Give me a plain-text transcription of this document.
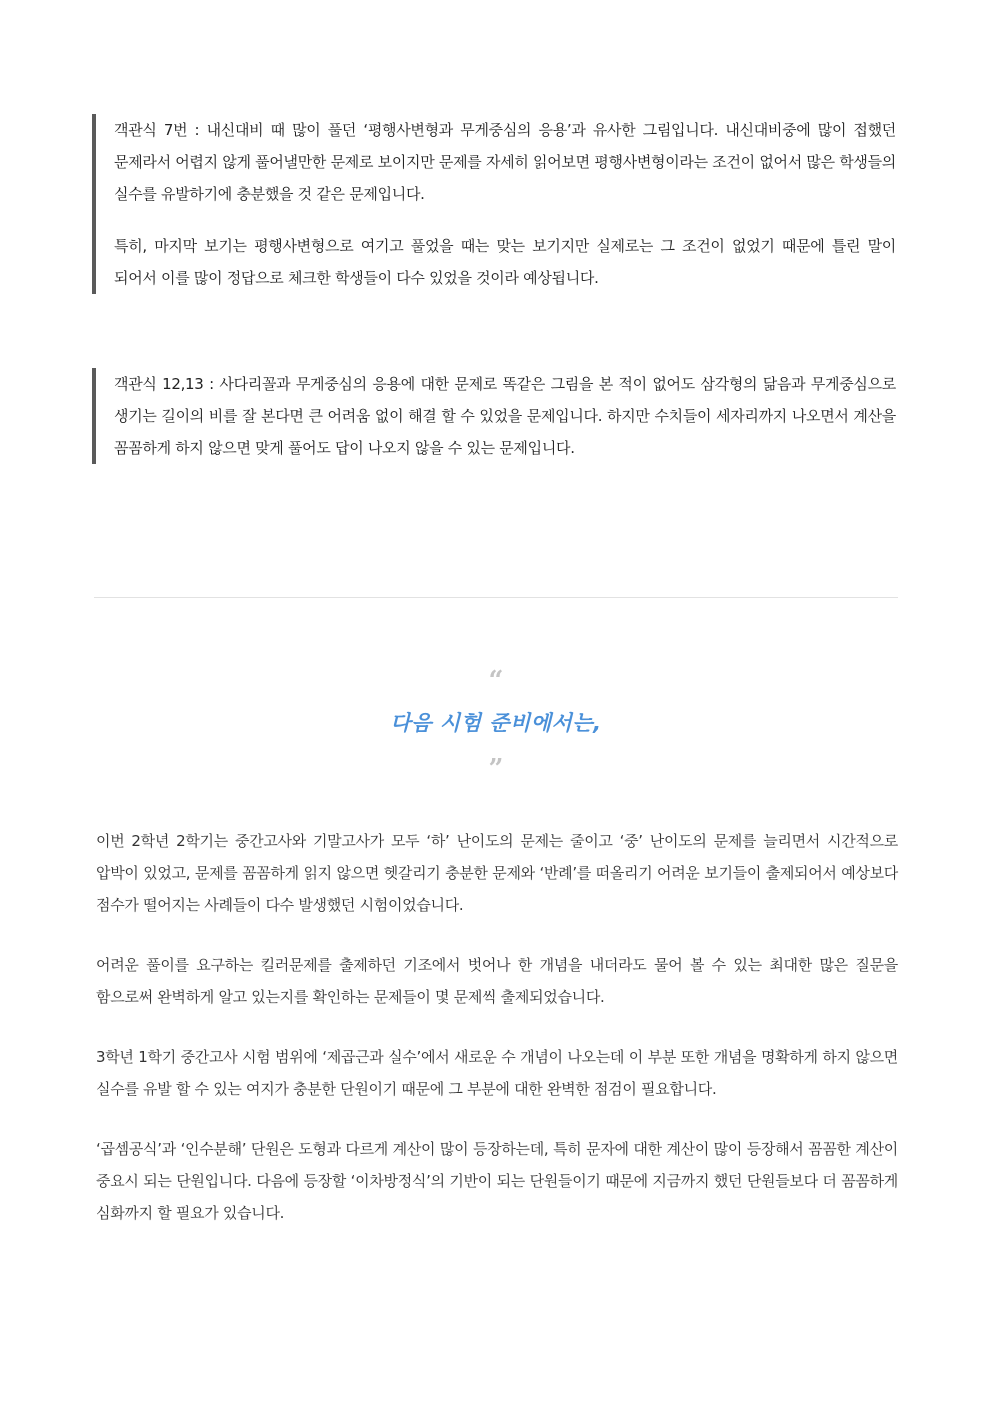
객관식 7번 : 내신대비 때 많이 풀던 ‘평행사변형과 무게중심의 응용’과 유사한 그림입니다. 내신대비중에 많이 접했던 문제라서 어렵지 않게 풀어낼만한 문제로 보이지만 문제를 자세히 읽어보면 평행사변형이라는 조건이 없어서 많은 학생들의 실수를 유발하기에 충분했을 것 같은 문제입니다.

특히, 마지막 보기는 평행사변형으로 여기고 풀었을 때는 맞는 보기지만 실제로는 그 조건이 없었기 때문에 틀린 말이 되어서 이를 많이 정답으로 체크한 학생들이 다수 있었을 것이라 예상됩니다.

객관식 12,13 : 사다리꼴과 무게중심의 응용에 대한 문제로 똑같은 그림을 본 적이 없어도 삼각형의 닮음과 무게중심으로 생기는 길이의 비를 잘 본다면 큰 어려움 없이 해결 할 수 있었을 문제입니다. 하지만 수치들이 세자리까지 나오면서 계산을 꼼꼼하게 하지 않으면 맞게 풀어도 답이 나오지 않을 수 있는 문제입니다.

“
다음 시험 준비에서는,
”

이번 2학년 2학기는 중간고사와 기말고사가 모두 ‘하’ 난이도의 문제는 줄이고 ‘중’ 난이도의 문제를 늘리면서 시간적으로 압박이 있었고, 문제를 꼼꼼하게 읽지 않으면 헷갈리기 충분한 문제와 ‘반례’를 떠올리기 어려운 보기들이 출제되어서 예상보다 점수가 떨어지는 사례들이 다수 발생했던 시험이었습니다.

어려운 풀이를 요구하는 킬러문제를 출제하던 기조에서 벗어나 한 개념을 내더라도 물어 볼 수 있는 최대한 많은 질문을 함으로써 완벽하게 알고 있는지를 확인하는 문제들이 몇 문제씩 출제되었습니다.

3학년 1학기 중간고사 시험 범위에 ‘제곱근과 실수’에서 새로운 수 개념이 나오는데 이 부분 또한 개념을 명확하게 하지 않으면 실수를 유발 할 수 있는 여지가 충분한 단원이기 때문에 그 부분에 대한 완벽한 점검이 필요합니다.

‘곱셈공식’과 ‘인수분해’ 단원은 도형과 다르게 계산이 많이 등장하는데, 특히 문자에 대한 계산이 많이 등장해서 꼼꼼한 계산이 중요시 되는 단원입니다. 다음에 등장할 ‘이차방정식’의 기반이 되는 단원들이기 때문에 지금까지 했던 단원들보다 더 꼼꼼하게 심화까지 할 필요가 있습니다.
